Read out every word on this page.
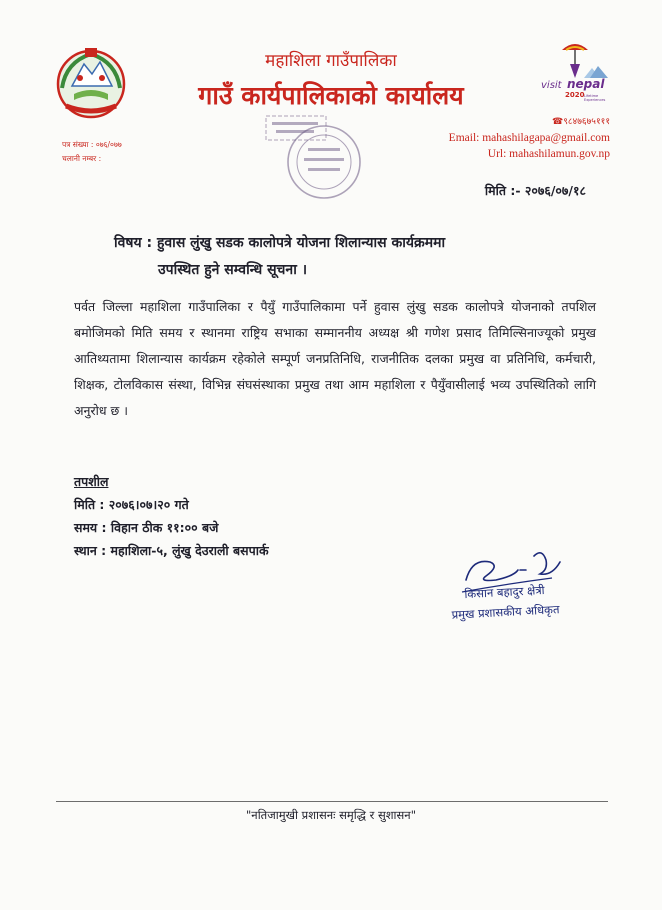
महाशिला गाउँपालिका
गाउँ कार्यपालिकाको कार्यालय	visit nepal
2020 Lifetime
Experiences
पत्र संख्या : ०७६/०७७
चलानी नम्बर :
☎९८४७६७५१११
Email: mahashilagapa@gmail.com
Url: mahashilamun.gov.np
मिति :- २०७६/०७/१८
विषय : हुवास लुंखु सडक कालोपत्रे योजना शिलान्यास कार्यक्रममा
उपस्थित हुने सम्वन्धि सूचना ।
पर्वत जिल्ला महाशिला गाउँपालिका र पैयुँ गाउँपालिकामा पर्ने हुवास लुंखु सडक कालोपत्रे योजनाको तपशिल बमोजिमको मिति समय र स्थानमा राष्ट्रिय सभाका सम्माननीय अध्यक्ष श्री गणेश प्रसाद तिमिल्सिनाज्यूको प्रमुख आतिथ्यतामा शिलान्यास कार्यक्रम रहेकोले सम्पूर्ण जनप्रतिनिधि, राजनीतिक दलका प्रमुख वा प्रतिनिधि, कर्मचारी, शिक्षक, टोलविकास संस्था, विभिन्न संघसंस्थाका प्रमुख तथा आम महाशिला र पैयुँवासीलाई भव्य उपस्थितिको लागि अनुरोध छ ।
तपशील
मिति : २०७६।०७।२० गते
समय : विहान ठीक ११:०० बजे
स्थान : महाशिला-५, लुंखु देउराली बसपार्क
किसान बहादुर क्षेत्री
प्रमुख प्रशासकीय अधिकृत
"नतिजामुखी प्रशासनः समृद्धि र सुशासन"
